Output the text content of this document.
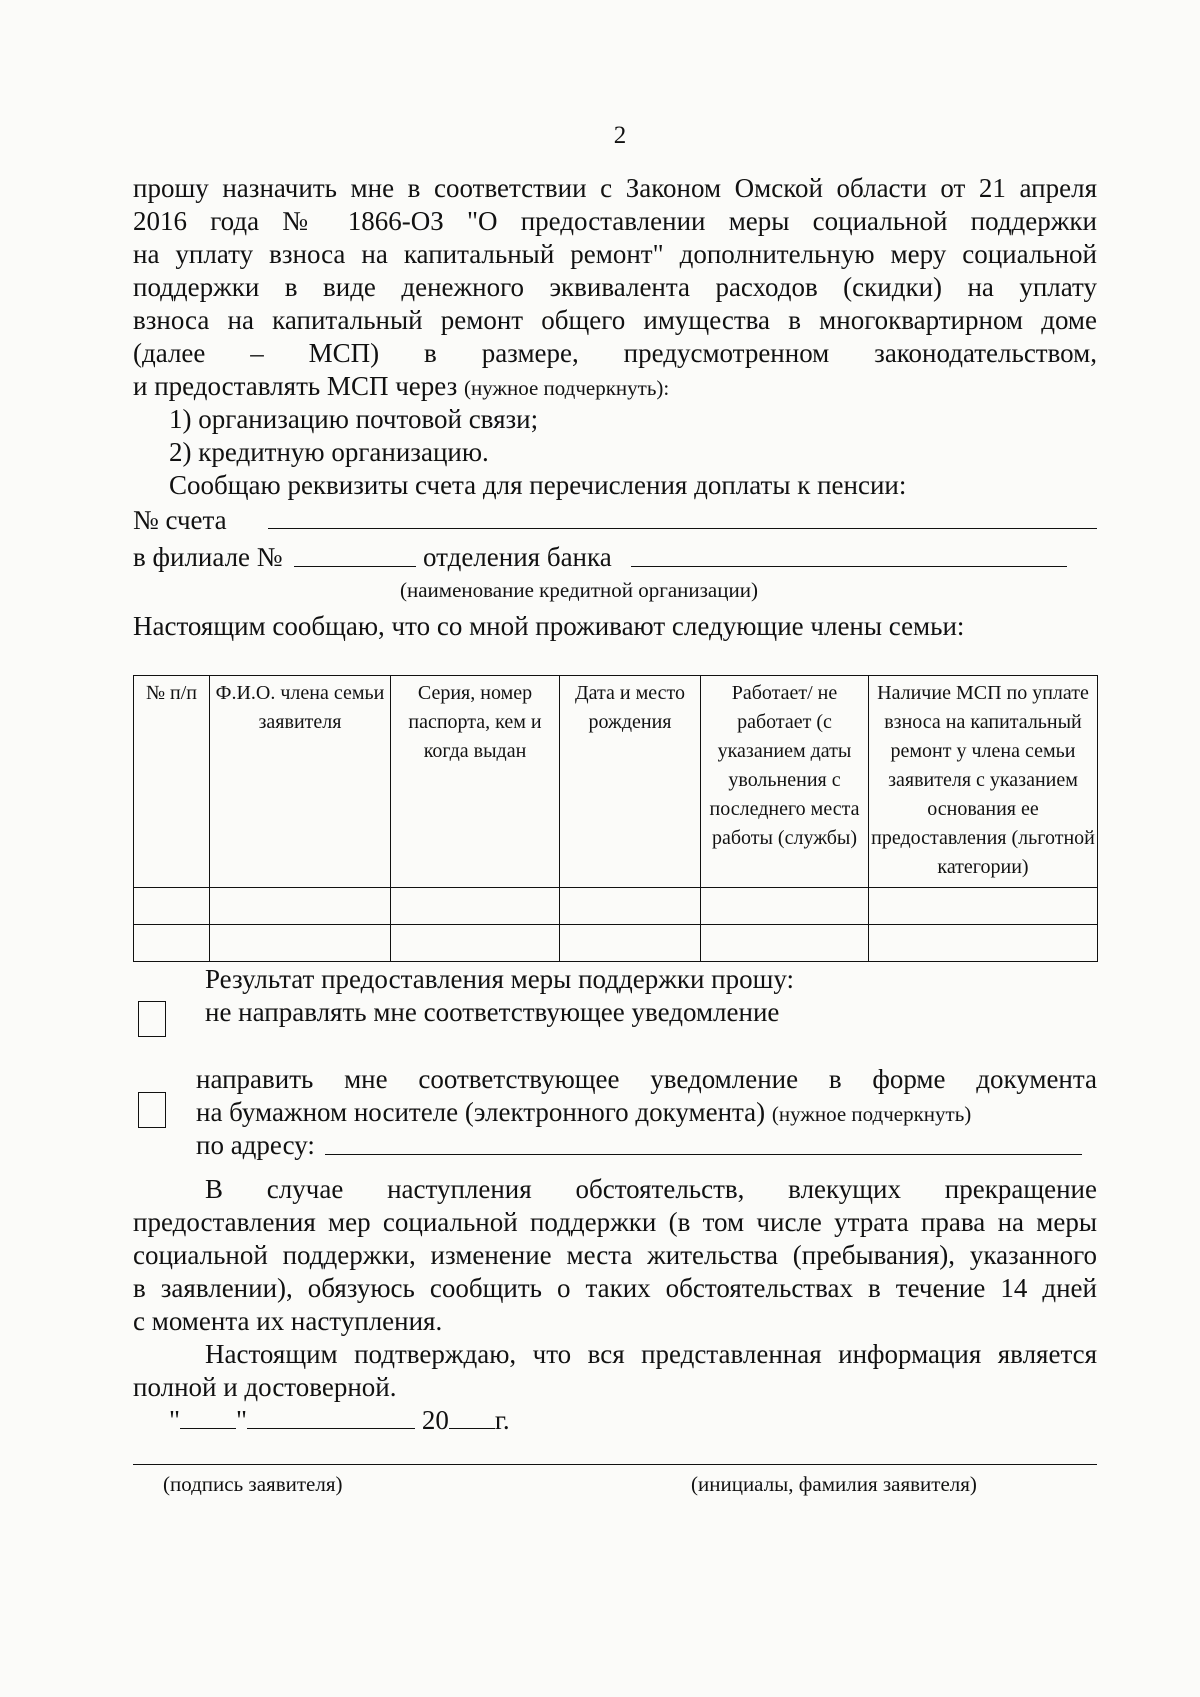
2
прошу назначить мне в соответствии с Законом Омской области от 21 апреля
2016 года № 1866-ОЗ "О предоставлении меры социальной поддержки
на уплату взноса на капитальный ремонт" дополнительную меру социальной
поддержки в виде денежного эквивалента расходов (скидки) на уплату
взноса на капитальный ремонт общего имущества в многоквартирном доме
(далее – МСП) в размере, предусмотренном законодательством,
и предоставлять МСП через (нужное подчеркнуть):
1) организацию почтовой связи;
2) кредитную организацию.
Сообщаю реквизиты счета для перечисления доплаты к пенсии:
№ счета
в филиале №	отделения банка
(наименование кредитной организации)
Настоящим сообщаю, что со мной проживают следующие члены семьи:
№ п/п	Ф.И.О. члена семьи заявителя	Серия, номер паспорта, кем и когда выдан	Дата и место рождения	Работает/ не работает (с указанием даты увольнения с последнего места работы (службы)	Наличие МСП по уплате взноса на капитальный ремонт у члена семьи заявителя с указанием основания ее предоставления (льготной категории)

Результат предоставления меры поддержки прошу:
не направлять мне соответствующее уведомление
направить мне соответствующее уведомление в форме документа
на бумажном носителе (электронного документа) (нужное подчеркнуть)
по адресу:
В случае наступления обстоятельств, влекущих прекращение
предоставления мер социальной поддержки (в том числе утрата права на меры
социальной поддержки, изменение места жительства (пребывания), указанного
в заявлении), обязуюсь сообщить о таких обстоятельствах в течение 14 дней
с момента их наступления.
Настоящим подтверждаю, что вся представленная информация является
полной и достоверной.
" "	20 г.
(подпись заявителя)	(инициалы, фамилия заявителя)
